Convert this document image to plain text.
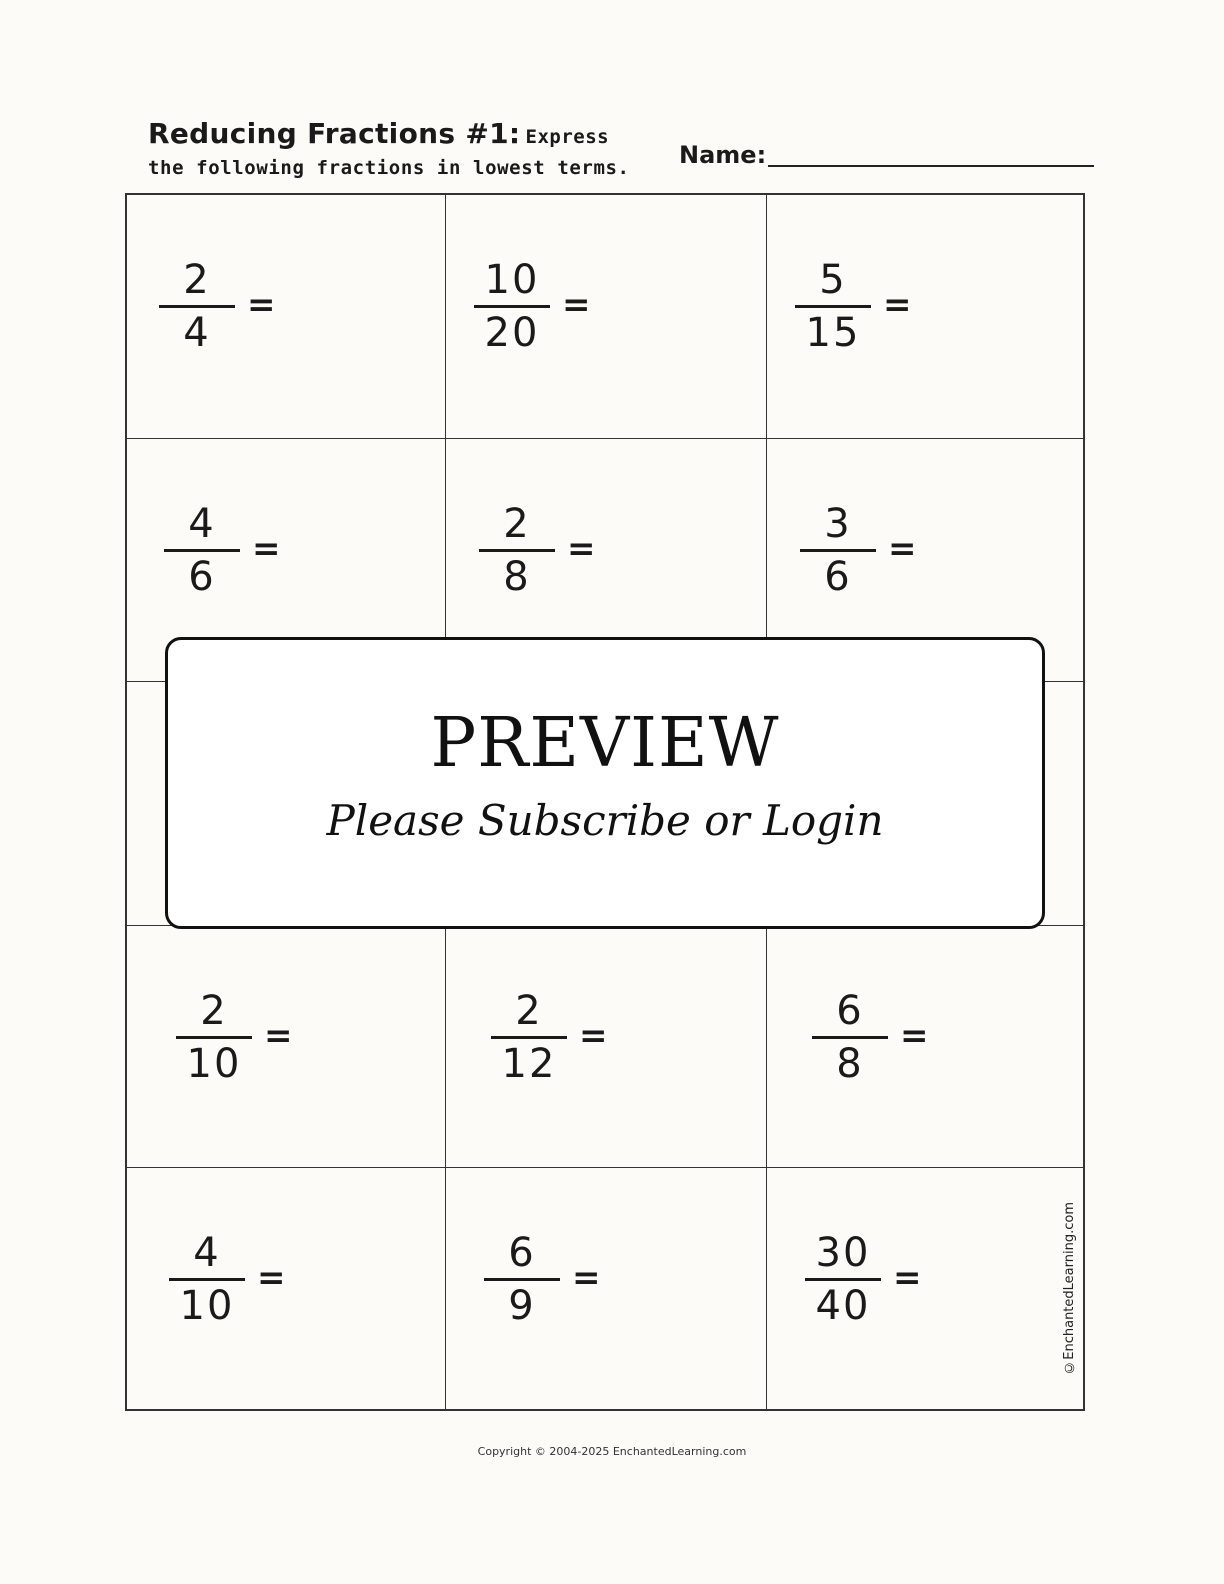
Reducing Fractions #1: Express
the following fractions in lowest terms.	Name:
$\frac{2}{4}$ =	$\frac{10}{20}$ =	$\frac{5}{15}$ =
$\frac{4}{6}$ =	$\frac{2}{8}$ =	$\frac{3}{6}$ =
$\frac{2}{10}$ =	$\frac{2}{12}$ =	$\frac{6}{8}$ =
$\frac{4}{10}$ =	$\frac{6}{9}$ =	$\frac{30}{40}$ =	©EnchantedLearning.com
PREVIEW
Please Subscribe or Login
Copyright © 2004-2025 EnchantedLearning.com
